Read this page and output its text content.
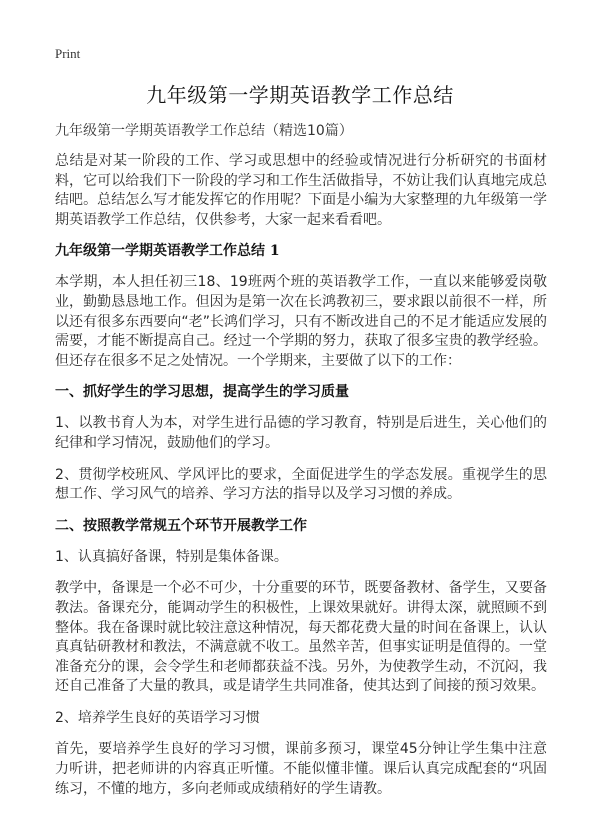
Print
九年级第一学期英语教学工作总结
九年级第一学期英语教学工作总结（精选10篇）

总结是对某一阶段的工作、学习或思想中的经验或情况进行分析研究的书面材料，它可以给我们下一阶段的学习和工作生活做指导，不妨让我们认真地完成总结吧。总结怎么写才能发挥它的作用呢？下面是小编为大家整理的九年级第一学期英语教学工作总结，仅供参考，大家一起来看看吧。

九年级第一学期英语教学工作总结 1

本学期，本人担任初三18、19班两个班的英语教学工作，一直以来能够爱岗敬业，勤勤恳恳地工作。但因为是第一次在长鸿教初三，要求跟以前很不一样，所以还有很多东西要向“老”长鸿们学习，只有不断改进自己的不足才能适应发展的需要，才能不断提高自己。经过一个学期的努力，获取了很多宝贵的教学经验。但还存在很多不足之处情况。一个学期来，主要做了以下的工作：

一、抓好学生的学习思想，提高学生的学习质量

1、以教书育人为本，对学生进行品德的学习教育，特别是后进生，关心他们的纪律和学习情况，鼓励他们的学习。

2、贯彻学校班风、学风评比的要求，全面促进学生的学态发展。重视学生的思想工作、学习风气的培养、学习方法的指导以及学习习惯的养成。

二、按照教学常规五个环节开展教学工作

1、认真搞好备课，特别是集体备课。

教学中，备课是一个必不可少，十分重要的环节，既要备教材、备学生，又要备教法。备课充分，能调动学生的积极性，上课效果就好。讲得太深，就照顾不到整体。我在备课时就比较注意这种情况，每天都花费大量的时间在备课上，认认真真钻研教材和教法，不满意就不收工。虽然辛苦，但事实证明是值得的。一堂准备充分的课，会令学生和老师都获益不浅。另外，为使教学生动，不沉闷，我还自己准备了大量的教具，或是请学生共同准备，使其达到了间接的预习效果。

2、培养学生良好的英语学习习惯

首先，要培养学生良好的学习习惯，课前多预习，课堂45分钟让学生集中注意力听讲，把老师讲的内容真正听懂。不能似懂非懂。课后认真完成配套的“巩固练习，不懂的地方，多向老师或成绩稍好的学生请教。
